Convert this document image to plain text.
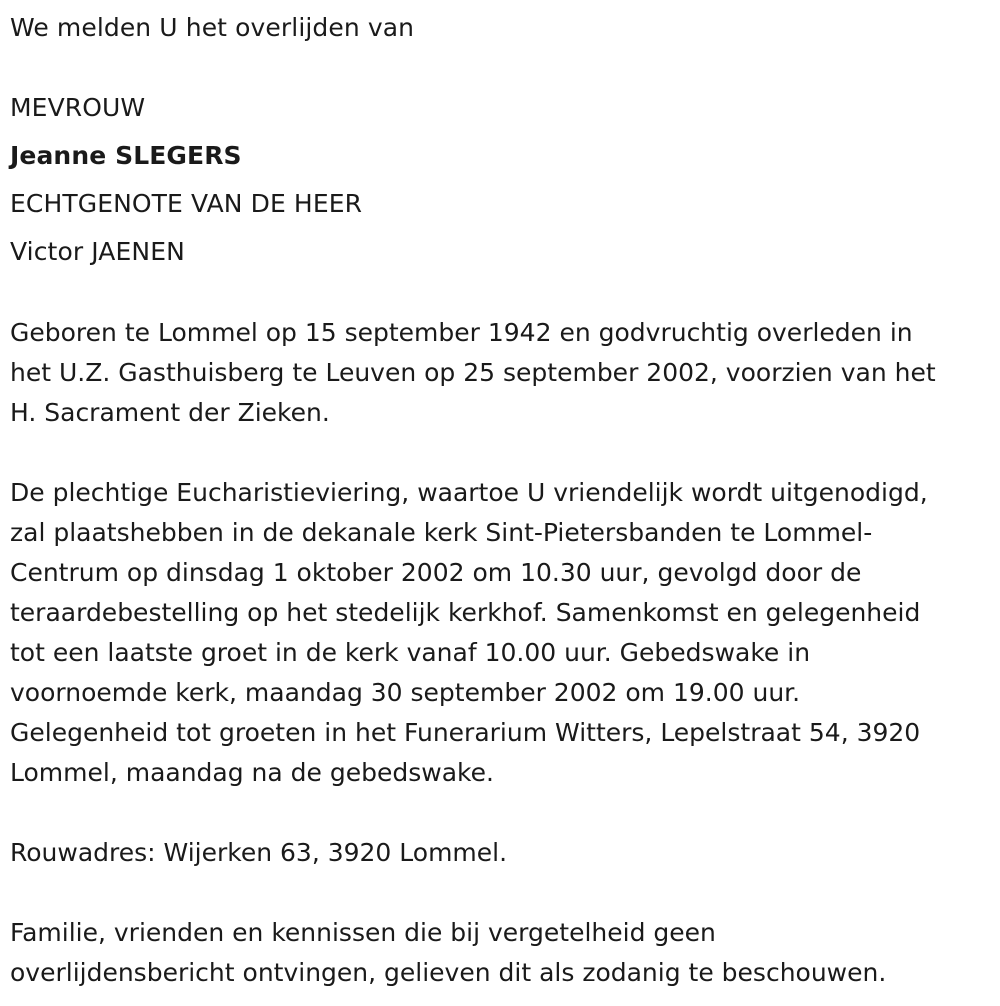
We melden U het overlijden van
MEVROUW
Jeanne SLEGERS
ECHTGENOTE VAN DE HEER
Victor JAENEN
Geboren te Lommel op 15 september 1942 en godvruchtig overleden in
het U.Z. Gasthuisberg te Leuven op 25 september 2002, voorzien van het
H. Sacrament der Zieken.
De plechtige Eucharistieviering, waartoe U vriendelijk wordt uitgenodigd,
zal plaatshebben in de dekanale kerk Sint-Pietersbanden te Lommel-
Centrum op dinsdag 1 oktober 2002 om 10.30 uur, gevolgd door de
teraardebestelling op het stedelijk kerkhof. Samenkomst en gelegenheid
tot een laatste groet in de kerk vanaf 10.00 uur. Gebedswake in
voornoemde kerk, maandag 30 september 2002 om 19.00 uur.
Gelegenheid tot groeten in het Funerarium Witters, Lepelstraat 54, 3920
Lommel, maandag na de gebedswake.
Rouwadres: Wijerken 63, 3920 Lommel.
Familie, vrienden en kennissen die bij vergetelheid geen
overlijdensbericht ontvingen, gelieven dit als zodanig te beschouwen.
